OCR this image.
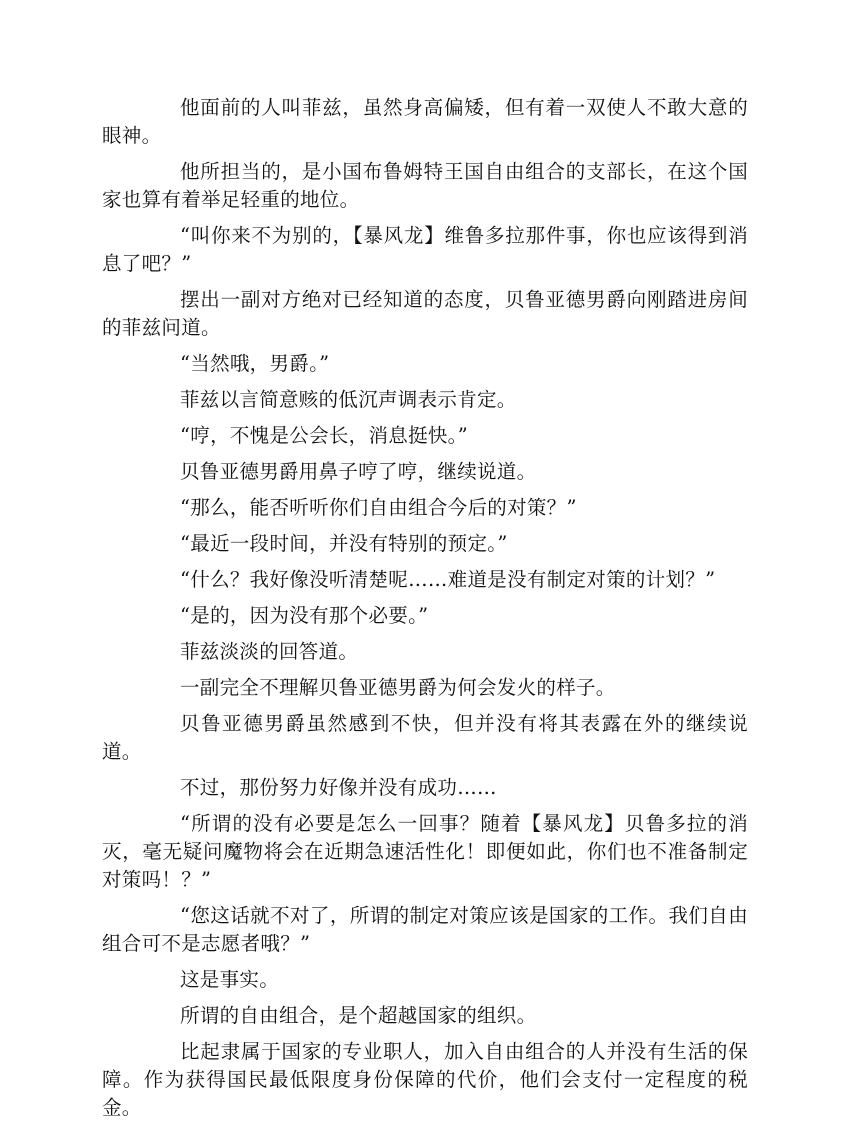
他面前的人叫菲兹，虽然身高偏矮，但有着一双使人不敢大意的眼神。

他所担当的，是小国布鲁姆特王国自由组合的支部长，在这个国家也算有着举足轻重的地位。

“叫你来不为别的，【暴风龙】维鲁多拉那件事，你也应该得到消息了吧？”

摆出一副对方绝对已经知道的态度，贝鲁亚德男爵向刚踏进房间的菲兹问道。

“当然哦，男爵。”

菲兹以言简意赅的低沉声调表示肯定。

“哼，不愧是公会长，消息挺快。”

贝鲁亚德男爵用鼻子哼了哼，继续说道。

“那么，能否听听你们自由组合今后的对策？”

“最近一段时间，并没有特别的预定。”

“什么？我好像没听清楚呢……难道是没有制定对策的计划？”

“是的，因为没有那个必要。”

菲兹淡淡的回答道。

一副完全不理解贝鲁亚德男爵为何会发火的样子。

贝鲁亚德男爵虽然感到不快，但并没有将其表露在外的继续说道。

不过，那份努力好像并没有成功……

“所谓的没有必要是怎么一回事？随着【暴风龙】贝鲁多拉的消灭，毫无疑问魔物将会在近期急速活性化！即便如此，你们也不准备制定对策吗！？”

“您这话就不对了，所谓的制定对策应该是国家的工作。我们自由组合可不是志愿者哦？”

这是事实。

所谓的自由组合，是个超越国家的组织。

比起隶属于国家的专业职人，加入自由组合的人并没有生活的保障。作为获得国民最低限度身份保障的代价，他们会支付一定程度的税金。
